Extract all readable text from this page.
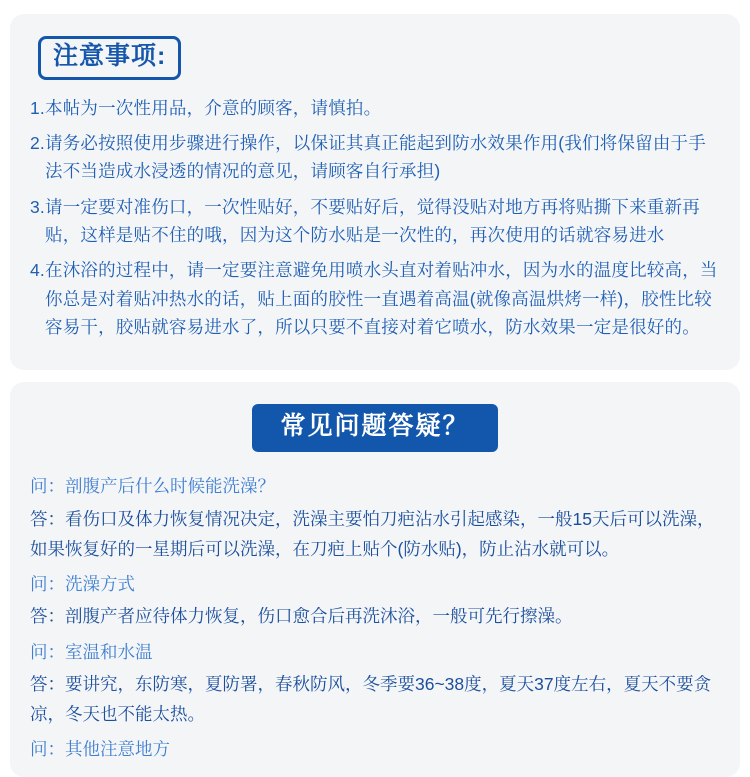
注意事项:
1. 本帖为一次性用品，介意的顾客，请慎拍。
2. 请务必按照使用步骤进行操作，以保证其真正能起到防水效果作用(我们将保留由于手法不当造成水浸透的情况的意见，请顾客自行承担)
3. 请一定要对准伤口，一次性贴好，不要贴好后，觉得没贴对地方再将贴撕下来重新再贴，这样是贴不住的哦，因为这个防水贴是一次性的，再次使用的话就容易进水
4. 在沐浴的过程中，请一定要注意避免用喷水头直对着贴冲水，因为水的温度比较高，当你总是对着贴冲热水的话，贴上面的胶性一直遇着高温(就像高温烘烤一样)，胶性比较容易干，胶贴就容易进水了，所以只要不直接对着它喷水，防水效果一定是很好的。
常见问题答疑？
问：剖腹产后什么时候能洗澡？
答：看伤口及体力恢复情况决定，洗澡主要怕刀疤沾水引起感染，一般15天后可以洗澡，如果恢复好的一星期后可以洗澡，在刀疤上贴个(防水贴)，防止沾水就可以。
问：洗澡方式
答：剖腹产者应待体力恢复，伤口愈合后再洗沐浴，一般可先行擦澡。
问：室温和水温
答：要讲究，东防寒，夏防署，春秋防风，冬季要36~38度，夏天37度左右，夏天不要贪凉，冬天也不能太热。
问：其他注意地方
